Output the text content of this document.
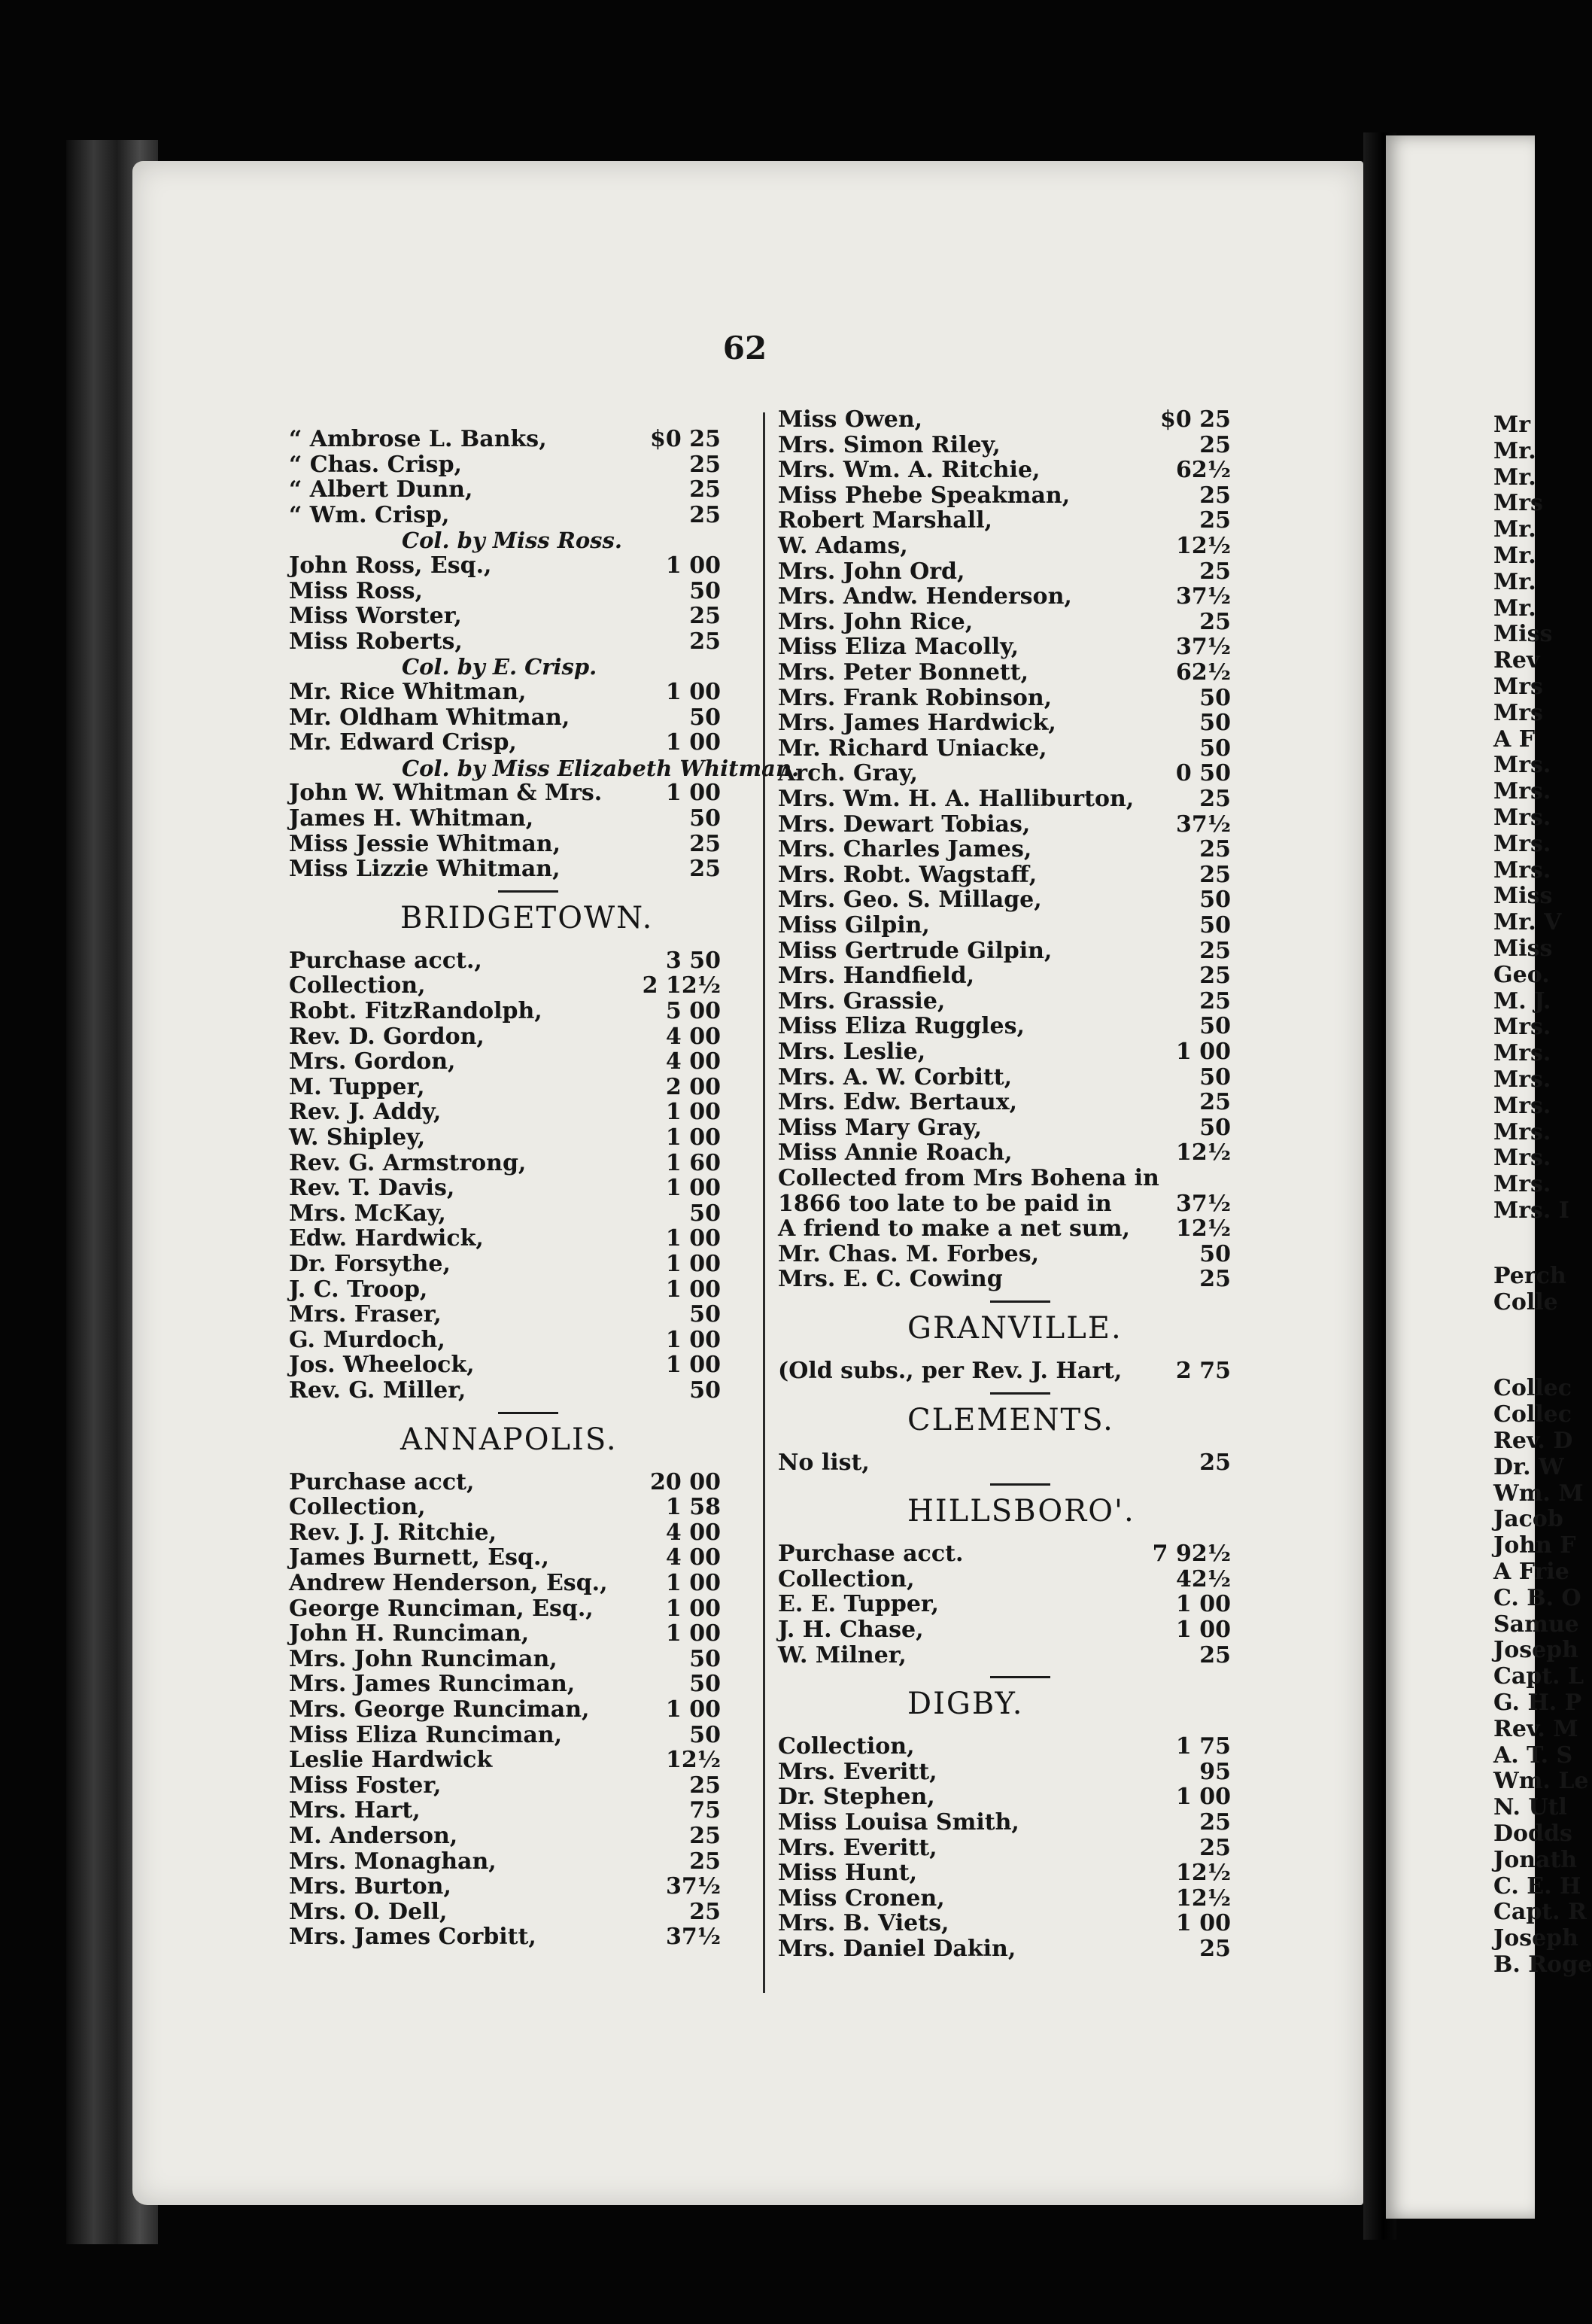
62
“ Ambrose L. Banks,	$0 25
“ Chas. Crisp,	25
“ Albert Dunn,	25
“ Wm. Crisp,	25
Col. by Miss Ross.
John Ross, Esq.,	1 00
Miss Ross,	50
Miss Worster,	25
Miss Roberts,	25
Col. by E. Crisp.
Mr. Rice Whitman,	1 00
Mr. Oldham Whitman,	50
Mr. Edward Crisp,	1 00
Col. by Miss Elizabeth Whitman.
John W. Whitman & Mrs.	1 00
James H. Whitman,	50
Miss Jessie Whitman,	25
Miss Lizzie Whitman,	25
BRIDGETOWN.
Purchase acct.,	3 50
Collection,	2 12½
Robt. FitzRandolph,	5 00
Rev. D. Gordon,	4 00
Mrs. Gordon,	4 00
M. Tupper,	2 00
Rev. J. Addy,	1 00
W. Shipley,	1 00
Rev. G. Armstrong,	1 60
Rev. T. Davis,	1 00
Mrs. McKay,	50
Edw. Hardwick,	1 00
Dr. Forsythe,	1 00
J. C. Troop,	1 00
Mrs. Fraser,	50
G. Murdoch,	1 00
Jos. Wheelock,	1 00
Rev. G. Miller,	50
ANNAPOLIS.
Purchase acct,	20 00
Collection,	1 58
Rev. J. J. Ritchie,	4 00
James Burnett, Esq.,	4 00
Andrew Henderson, Esq.,	1 00
George Runciman, Esq.,	1 00
John H. Runciman,	1 00
Mrs. John Runciman,	50
Mrs. James Runciman,	50
Mrs. George Runciman,	1 00
Miss Eliza Runciman,	50
Leslie Hardwick	12½
Miss Foster,	25
Mrs. Hart,	75
M. Anderson,	25
Mrs. Monaghan,	25
Mrs. Burton,	37½
Mrs. O. Dell,	25
Mrs. James Corbitt,	37½
Miss Owen,	$0 25
Mrs. Simon Riley,	25
Mrs. Wm. A. Ritchie,	62½
Miss Phebe Speakman,	25
Robert Marshall,	25
W. Adams,	12½
Mrs. John Ord,	25
Mrs. Andw. Henderson,	37½
Mrs. John Rice,	25
Miss Eliza Macolly,	37½
Mrs. Peter Bonnett,	62½
Mrs. Frank Robinson,	50
Mrs. James Hardwick,	50
Mr. Richard Uniacke,	50
Arch. Gray,	0 50
Mrs. Wm. H. A. Halliburton,	25
Mrs. Dewart Tobias,	37½
Mrs. Charles James,	25
Mrs. Robt. Wagstaff,	25
Mrs. Geo. S. Millage,	50
Miss Gilpin,	50
Miss Gertrude Gilpin,	25
Mrs. Handfield,	25
Mrs. Grassie,	25
Miss Eliza Ruggles,	50
Mrs. Leslie,	1 00
Mrs. A. W. Corbitt,	50
Mrs. Edw. Bertaux,	25
Miss Mary Gray,	50
Miss Annie Roach,	12½
Collected from Mrs Bohena in
1866 too late to be paid in	37½
A friend to make a net sum, 12½
Mr. Chas. M. Forbes,	50
Mrs. E. C. Cowing	25
GRANVILLE.
(Old subs., per Rev. J. Hart, 2 75
CLEMENTS.
No list,	25
HILLSBORO'.
Purchase acct.	7 92½
Collection,	42½
E. E. Tupper,	1 00
J. H. Chase,	1 00
W. Milner,	25
DIGBY.
Collection,	1 75
Mrs. Everitt,	95
Dr. Stephen,	1 00
Miss Louisa Smith,	25
Mrs. Everitt,	25
Miss Hunt,	12½
Miss Cronen,	12½
Mrs. B. Viets,	1 00
Mrs. Daniel Dakin,	25
Mr
Mr.
Mr.
Mrs
Mr.
Mr.
Mr.
Mr.
Miss
Rev
Mrs
Mrs
A F
Mrs.
Mrs.
Mrs.
Mrs.
Mrs.
Miss
Mr. V
Miss
Geo.
M. J.
Mrs.
Mrs.
Mrs.
Mrs.
Mrs.
Mrs.
Mrs.
Mrs. I
Perch
Colle
Collec
Collec
Rev. D
Dr. W
Wm. M
Jacob
John F
A Frie
C. B. O
Samue
Joseph
Capt. L
G. H. P
Rev. M
A. T. S
Wm. Le
N. Utl
Dodds
Jonath
C. E. H
Capt. R
Joseph
B. Roge
